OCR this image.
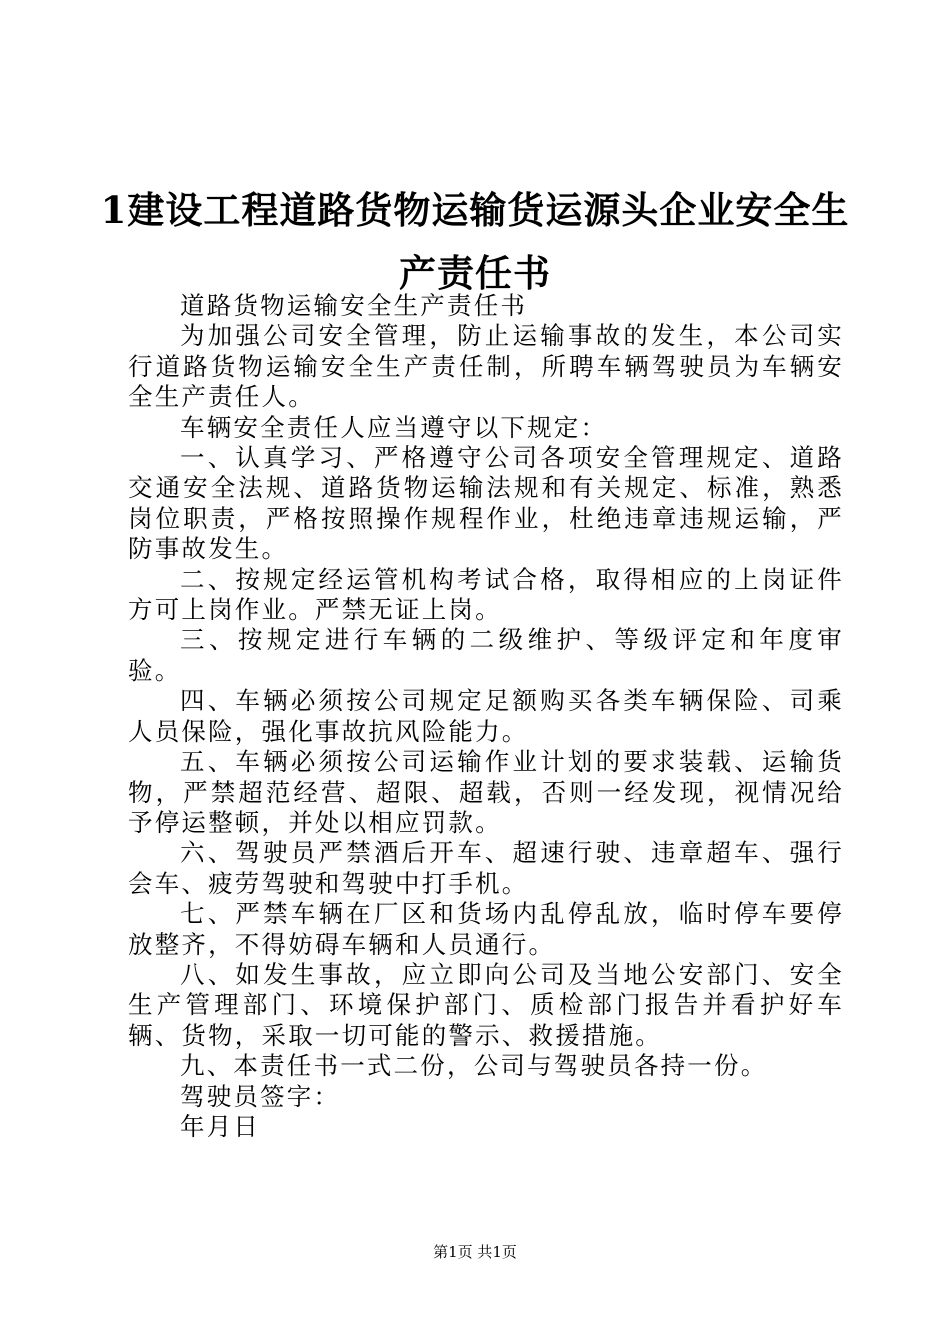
1建设工程道路货物运输货运源头企业安全生
产责任书

道路货物运输安全生产责任书

为加强公司安全管理，防止运输事故的发生，本公司实行道路货物运输安全生产责任制，所聘车辆驾驶员为车辆安全生产责任人。

车辆安全责任人应当遵守以下规定：

一、认真学习、严格遵守公司各项安全管理规定、道路交通安全法规、道路货物运输法规和有关规定、标准，熟悉岗位职责，严格按照操作规程作业，杜绝违章违规运输，严防事故发生。

二、按规定经运管机构考试合格，取得相应的上岗证件方可上岗作业。严禁无证上岗。

三、按规定进行车辆的二级维护、等级评定和年度审验。

四、车辆必须按公司规定足额购买各类车辆保险、司乘人员保险，强化事故抗风险能力。

五、车辆必须按公司运输作业计划的要求装载、运输货物，严禁超范经营、超限、超载，否则一经发现，视情况给予停运整顿，并处以相应罚款。

六、驾驶员严禁酒后开车、超速行驶、违章超车、强行会车、疲劳驾驶和驾驶中打手机。

七、严禁车辆在厂区和货场内乱停乱放，临时停车要停放整齐，不得妨碍车辆和人员通行。

八、如发生事故，应立即向公司及当地公安部门、安全生产管理部门、环境保护部门、质检部门报告并看护好车辆、货物，采取一切可能的警示、救援措施。

九、本责任书一式二份，公司与驾驶员各持一份。

驾驶员签字：

年月日

第1页 共1页
